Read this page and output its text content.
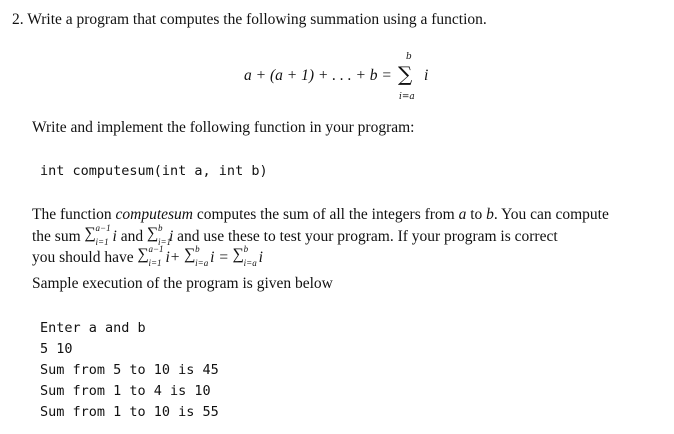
2. Write a program that computes the following summation using a function.
a + (a + 1) + . . . + b = ∑
b
i=a
i
Write and implement the following function in your program:
int computesum(int a, int b)
The function computesum computes the sum of all the integers from a to b. You can compute
the sum ∑ a−1
i=1 i and ∑ b
i=1
i and use these to test your program. If your program is correct
you should have ∑ a−1
i=1 i+ ∑ b
i=a i = ∑ b
i=a i
Sample execution of the program is given below
Enter a and b
5 10
Sum from 5 to 10 is 45
Sum from 1 to 4 is 10
Sum from 1 to 10 is 55
